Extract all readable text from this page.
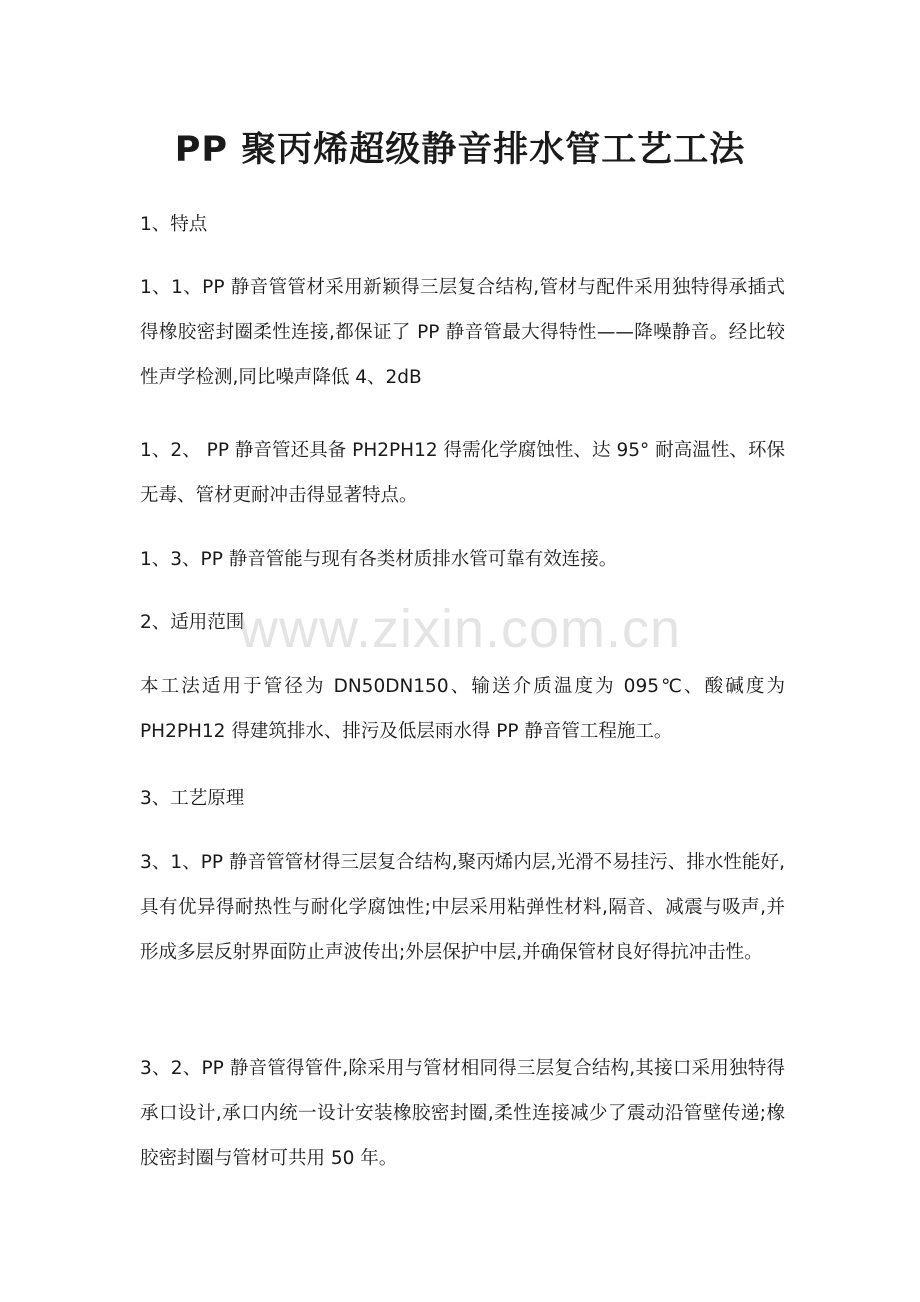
PP 聚丙烯超级静音排水管工艺工法

1、特点

1、1、PP 静音管管材采用新颖得三层复合结构,管材与配件采用独特得承插式得橡胶密封圈柔性连接,都保证了 PP 静音管最大得特性——降噪静音。经比较性声学检测,同比噪声降低 4、2dB

1、2、 PP 静音管还具备 PH2PH12 得需化学腐蚀性、达 95° 耐高温性、环保无毒、管材更耐冲击得显著特点。

1、3、PP 静音管能与现有各类材质排水管可靠有效连接。

2、适用范围

本工法适用于管径为 DN50DN150、输送介质温度为 095℃、酸碱度为 PH2PH12 得建筑排水、排污及低层雨水得 PP 静音管工程施工。

3、工艺原理

3、1、PP 静音管管材得三层复合结构,聚丙烯内层,光滑不易挂污、排水性能好,具有优异得耐热性与耐化学腐蚀性;中层采用粘弹性材料,隔音、减震与吸声,并形成多层反射界面防止声波传出;外层保护中层,并确保管材良好得抗冲击性。

3、2、PP 静音管得管件,除采用与管材相同得三层复合结构,其接口采用独特得承口设计,承口内统一设计安装橡胶密封圈,柔性连接减少了震动沿管壁传递;橡胶密封圈与管材可共用 50 年。

www.zixin.com.cn
